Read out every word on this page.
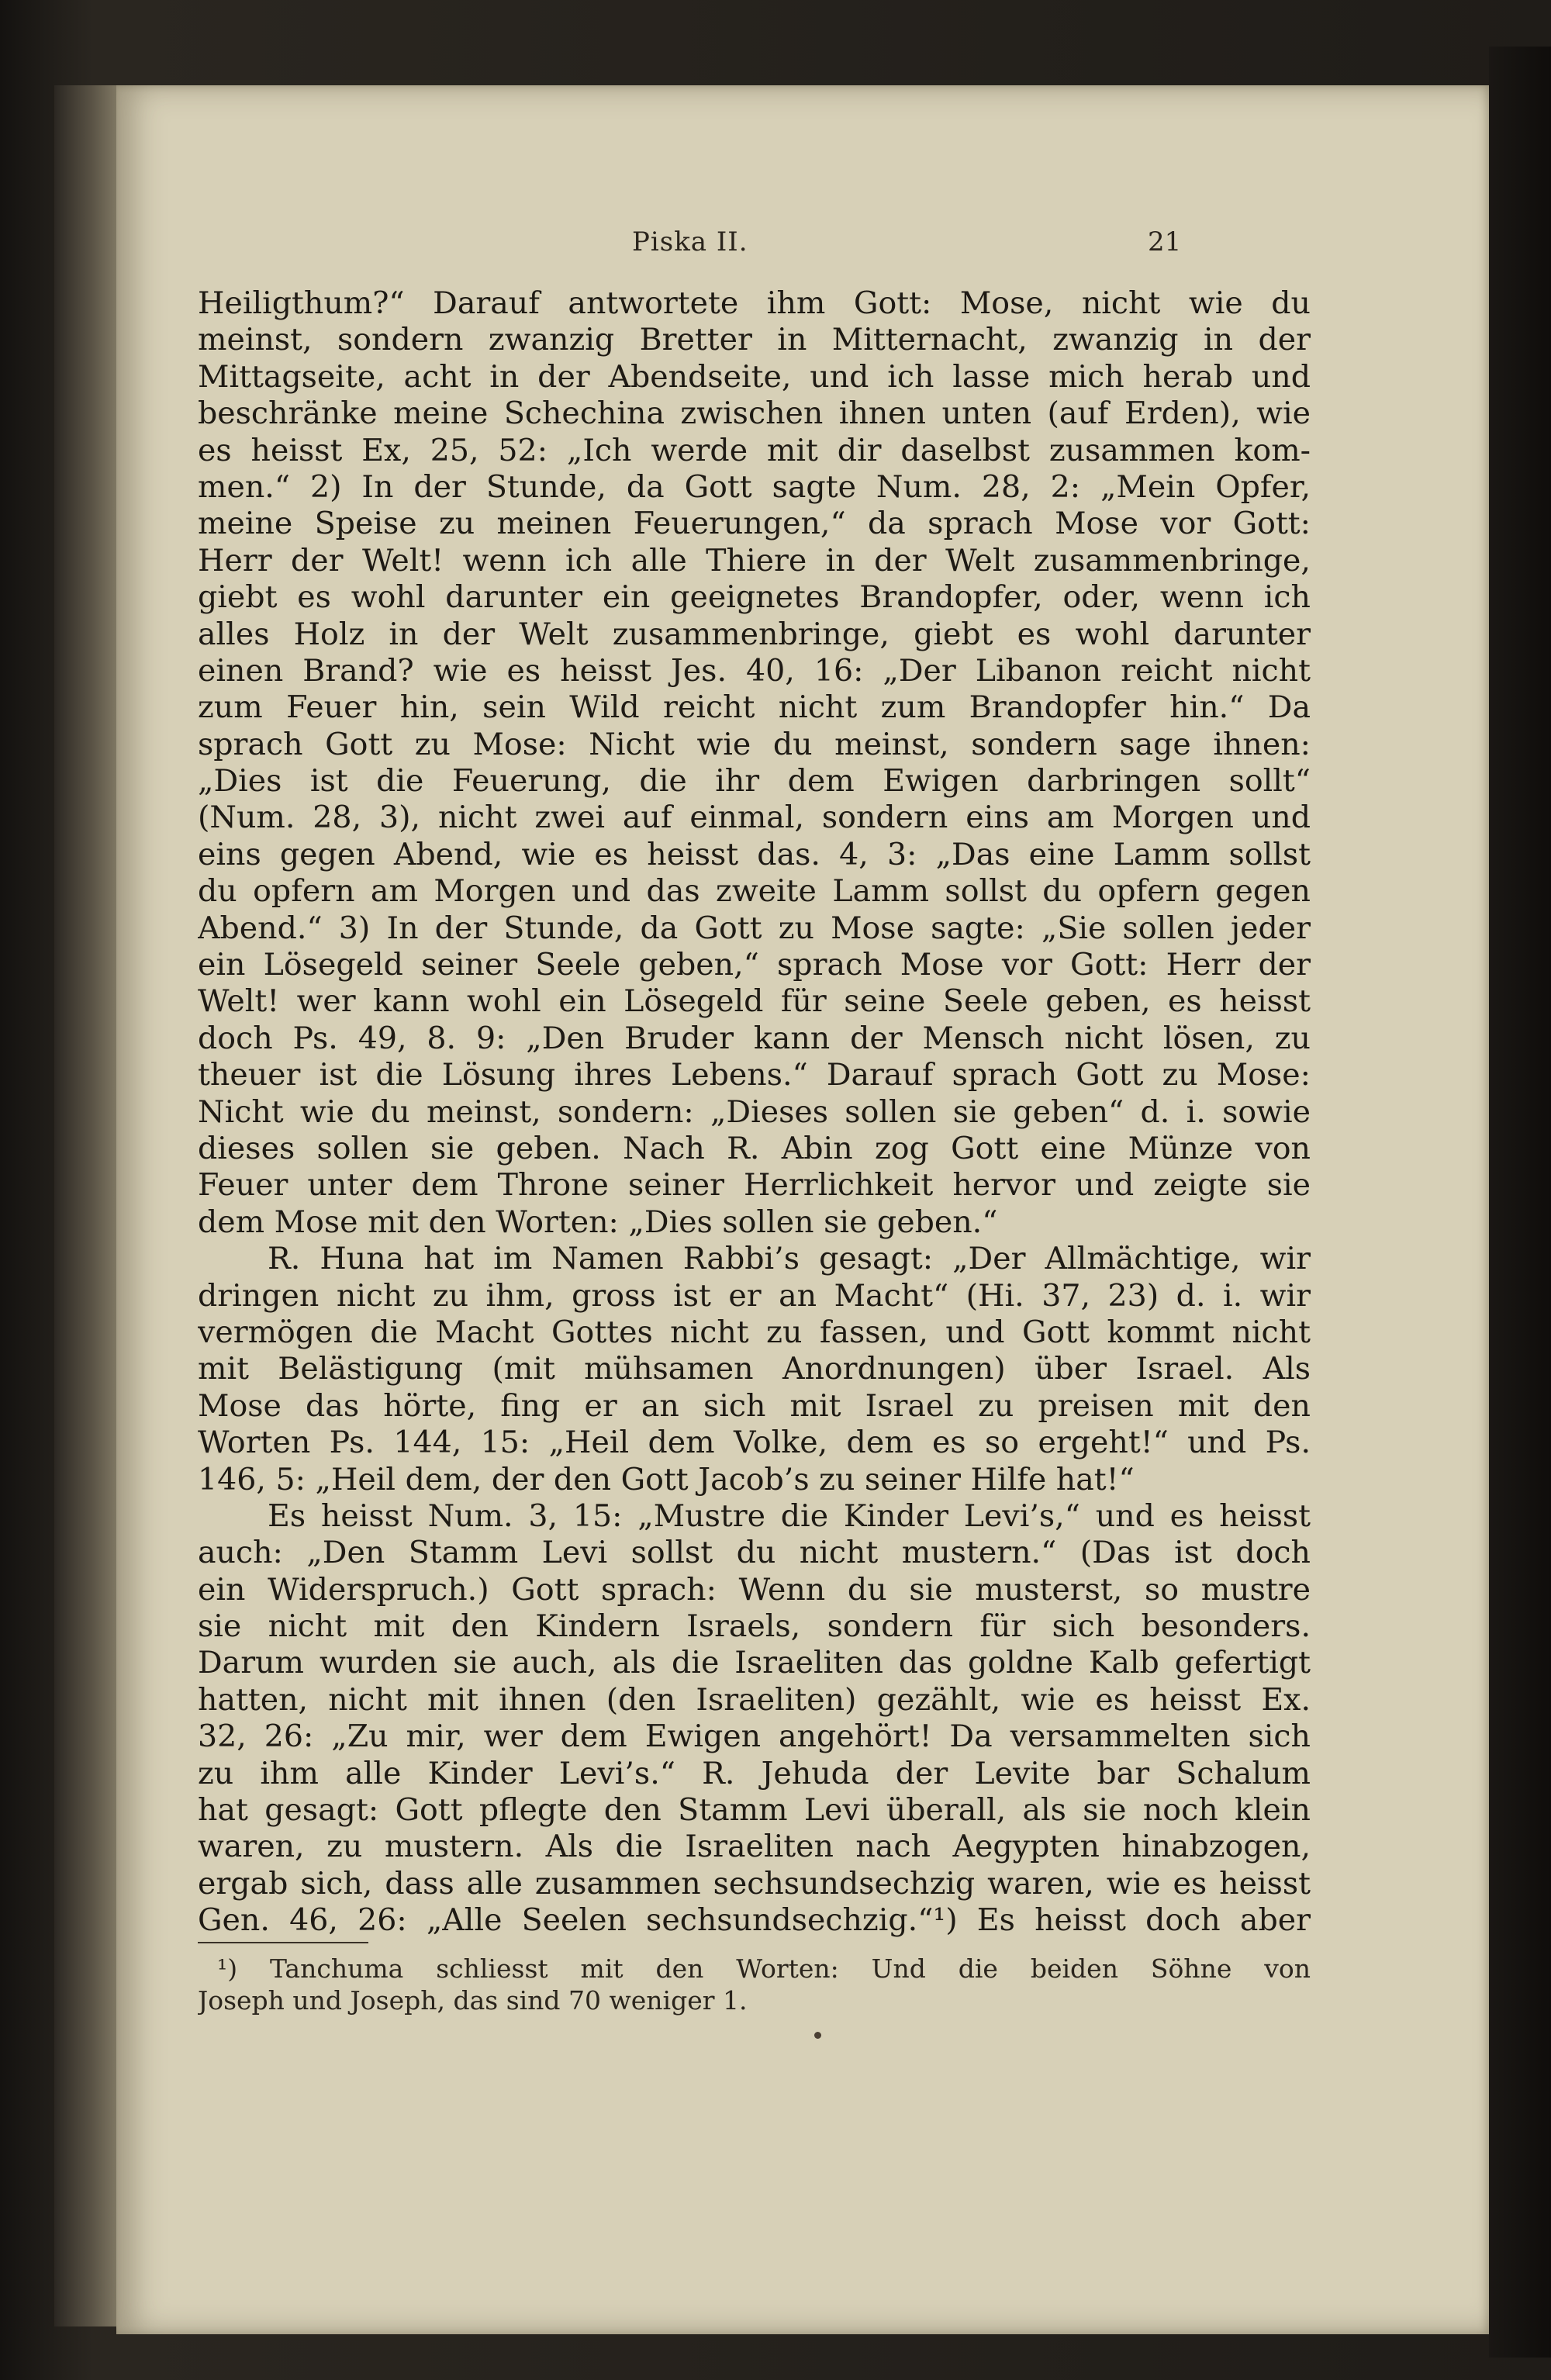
Piska II.	21
Heiligthum?“ Darauf antwortete ihm Gott: Mose, nicht wie du
meinst, sondern zwanzig Bretter in Mitternacht, zwanzig in der
Mittagseite, acht in der Abendseite, und ich lasse mich herab und
beschränke meine Schechina zwischen ihnen unten (auf Erden), wie
es heisst Ex, 25, 52: „Ich werde mit dir daselbst zusammen kom-
men.“ 2) In der Stunde, da Gott sagte Num. 28, 2: „Mein Opfer,
meine Speise zu meinen Feuerungen,“ da sprach Mose vor Gott:
Herr der Welt! wenn ich alle Thiere in der Welt zusammenbringe,
giebt es wohl darunter ein geeignetes Brandopfer, oder, wenn ich
alles Holz in der Welt zusammenbringe, giebt es wohl darunter
einen Brand? wie es heisst Jes. 40, 16: „Der Libanon reicht nicht
zum Feuer hin, sein Wild reicht nicht zum Brandopfer hin.“ Da
sprach Gott zu Mose: Nicht wie du meinst, sondern sage ihnen:
„Dies ist die Feuerung, die ihr dem Ewigen darbringen sollt“
(Num. 28, 3), nicht zwei auf einmal, sondern eins am Morgen und
eins gegen Abend, wie es heisst das. 4, 3: „Das eine Lamm sollst
du opfern am Morgen und das zweite Lamm sollst du opfern gegen
Abend.“ 3) In der Stunde, da Gott zu Mose sagte: „Sie sollen jeder
ein Lösegeld seiner Seele geben,“ sprach Mose vor Gott: Herr der
Welt! wer kann wohl ein Lösegeld für seine Seele geben, es heisst
doch Ps. 49, 8. 9: „Den Bruder kann der Mensch nicht lösen, zu
theuer ist die Lösung ihres Lebens.“ Darauf sprach Gott zu Mose:
Nicht wie du meinst, sondern: „Dieses sollen sie geben“ d. i. sowie
dieses sollen sie geben. Nach R. Abin zog Gott eine Münze von
Feuer unter dem Throne seiner Herrlichkeit hervor und zeigte sie
dem Mose mit den Worten: „Dies sollen sie geben.“
R. Huna hat im Namen Rabbi’s gesagt: „Der Allmächtige, wir
dringen nicht zu ihm, gross ist er an Macht“ (Hi. 37, 23) d. i. wir
vermögen die Macht Gottes nicht zu fassen, und Gott kommt nicht
mit Belästigung (mit mühsamen Anordnungen) über Israel. Als
Mose das hörte, fing er an sich mit Israel zu preisen mit den
Worten Ps. 144, 15: „Heil dem Volke, dem es so ergeht!“ und Ps.
146, 5: „Heil dem, der den Gott Jacob’s zu seiner Hilfe hat!“
Es heisst Num. 3, 15: „Mustre die Kinder Levi’s,“ und es heisst
auch: „Den Stamm Levi sollst du nicht mustern.“ (Das ist doch
ein Widerspruch.) Gott sprach: Wenn du sie musterst, so mustre
sie nicht mit den Kindern Israels, sondern für sich besonders.
Darum wurden sie auch, als die Israeliten das goldne Kalb gefertigt
hatten, nicht mit ihnen (den Israeliten) gezählt, wie es heisst Ex.
32, 26: „Zu mir, wer dem Ewigen angehört! Da versammelten sich
zu ihm alle Kinder Levi’s.“ R. Jehuda der Levite bar Schalum
hat gesagt: Gott pflegte den Stamm Levi überall, als sie noch klein
waren, zu mustern. Als die Israeliten nach Aegypten hinabzogen,
ergab sich, dass alle zusammen sechsundsechzig waren, wie es heisst
Gen. 46, 26: „Alle Seelen sechsundsechzig.“¹) Es heisst doch aber
¹) Tanchuma schliesst mit den Worten: Und die beiden Söhne von
Joseph und Joseph, das sind 70 weniger 1.
